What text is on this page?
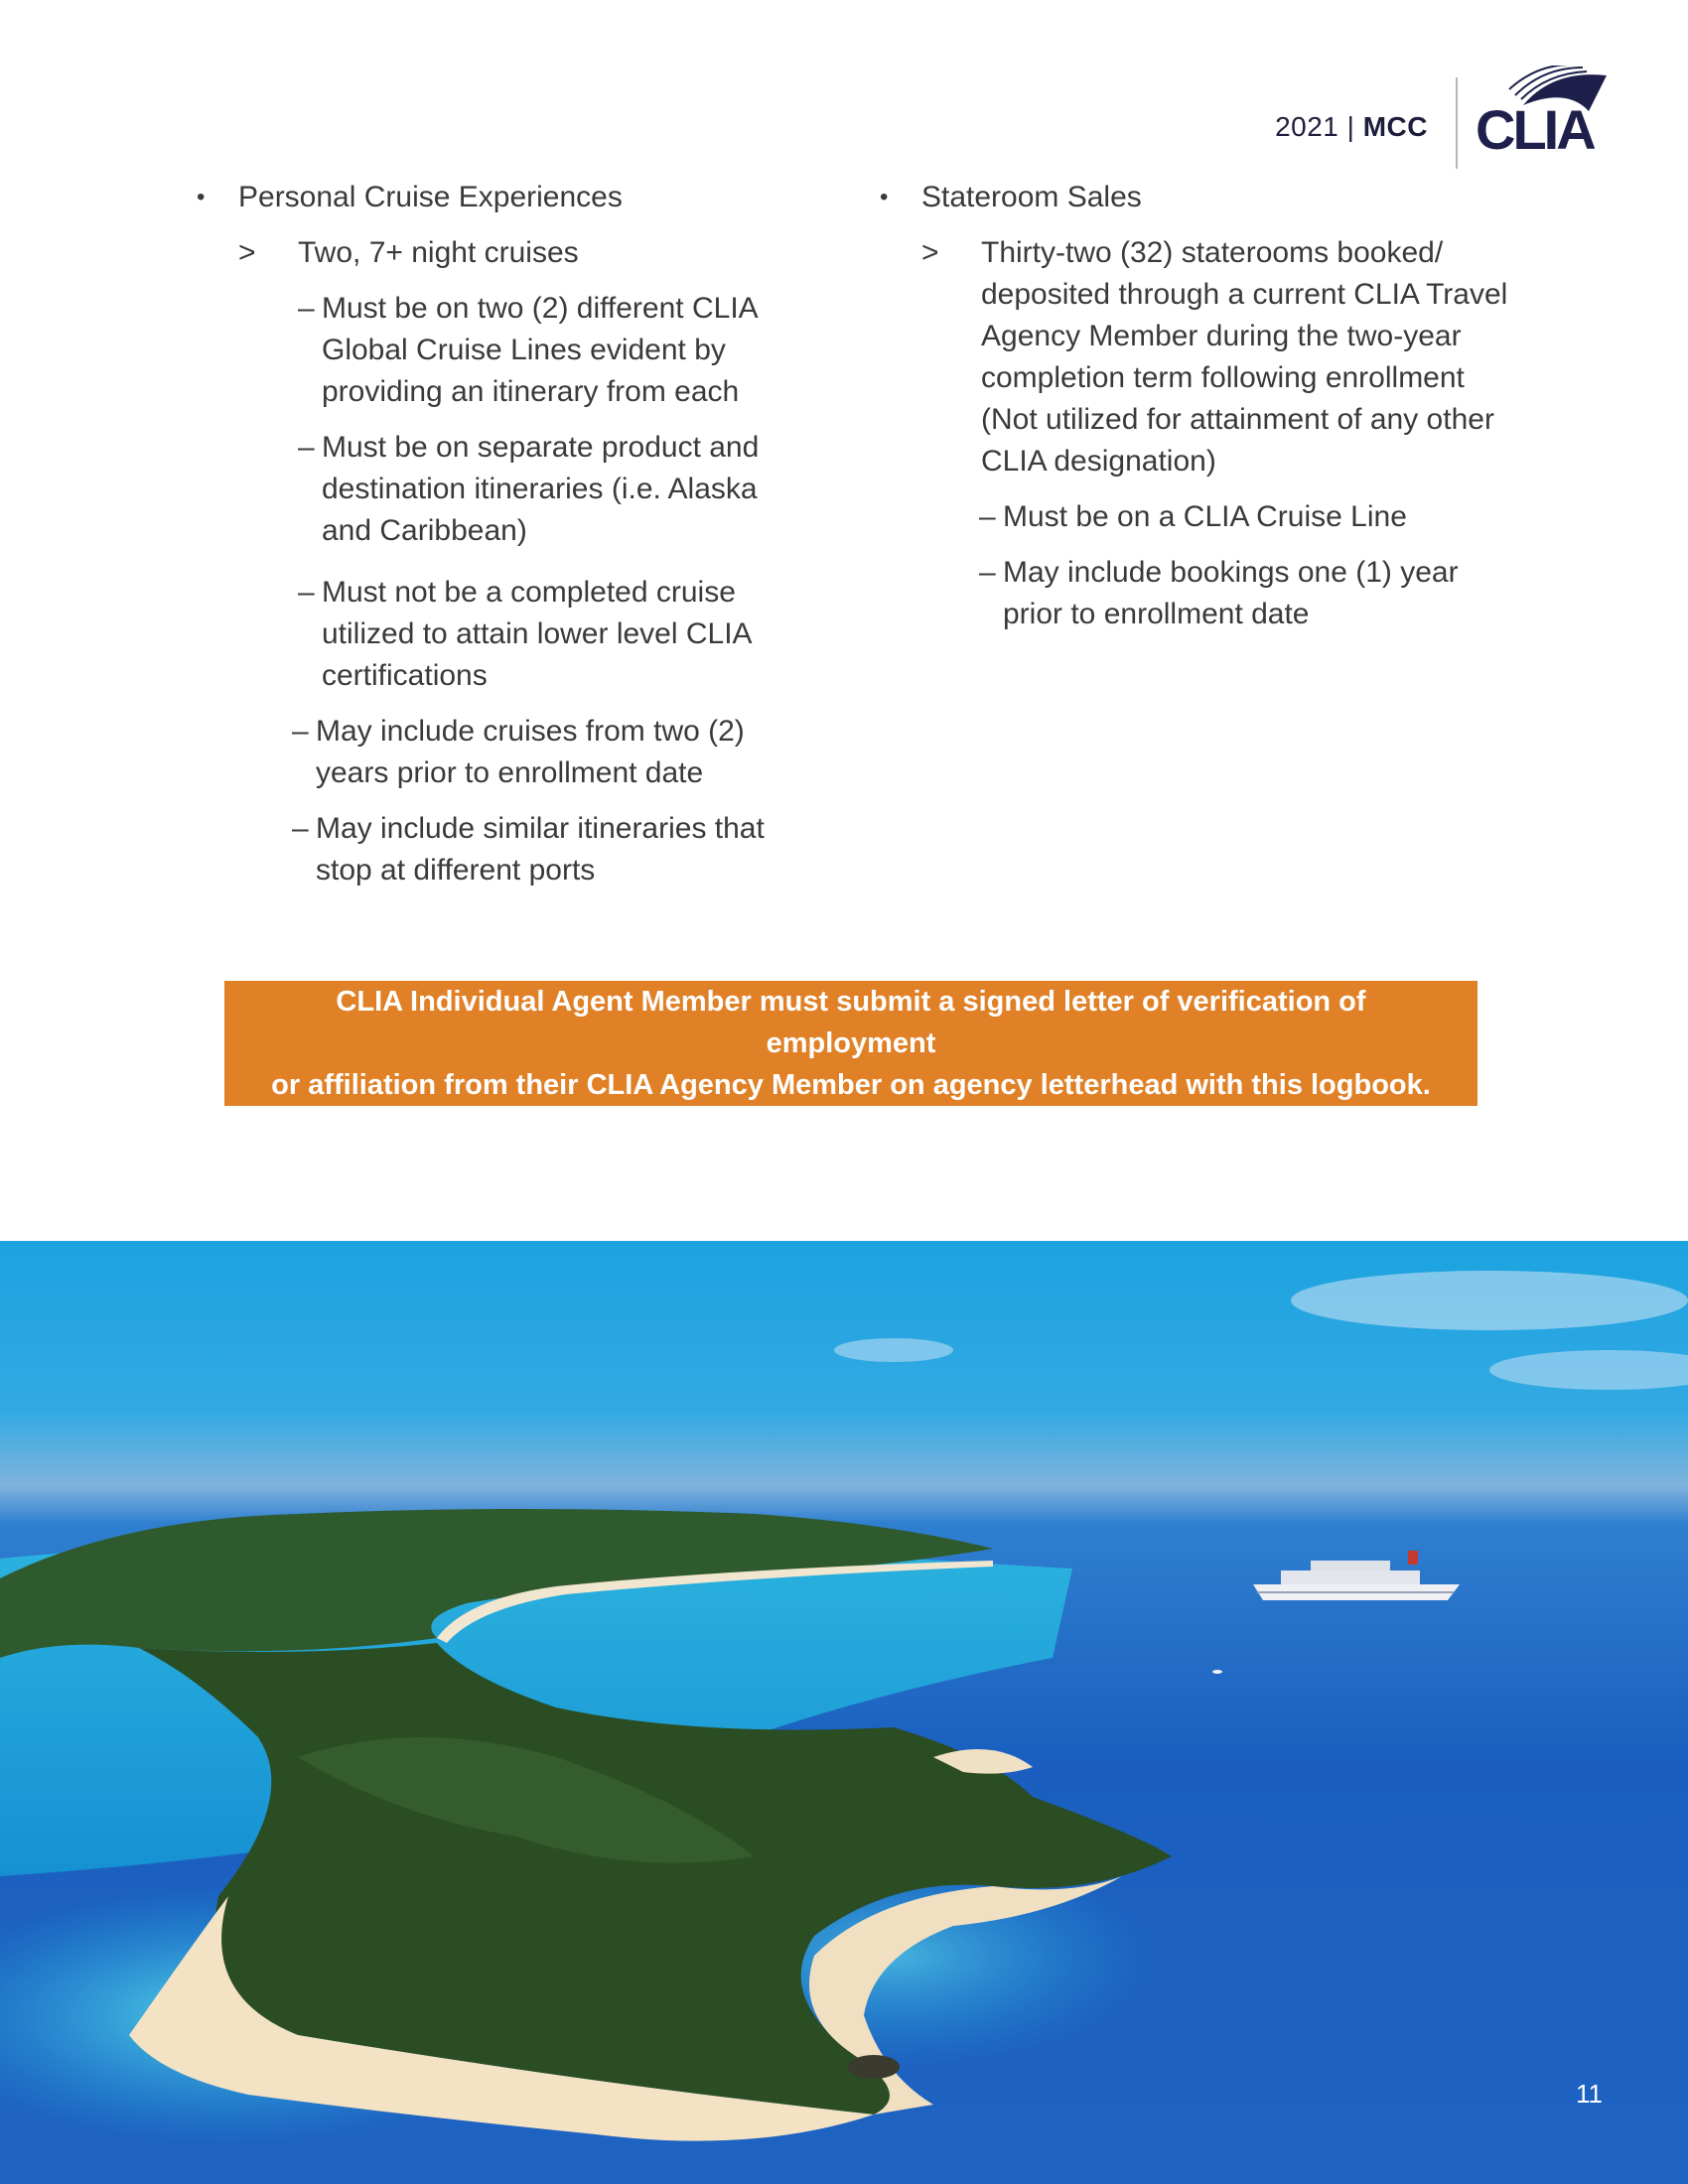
2021 | MCC CLIA
• Personal Cruise Experiences
> Two, 7+ night cruises
– Must be on two (2) different CLIA Global Cruise Lines evident by providing an itinerary from each
– Must be on separate product and destination itineraries (i.e. Alaska and Caribbean)
– Must not be a completed cruise utilized to attain lower level CLIA certifications
– May include cruises from two (2) years prior to enrollment date
– May include similar itineraries that stop at different ports
• Stateroom Sales
> Thirty-two (32) staterooms booked/ deposited through a current CLIA Travel Agency Member during the two-year completion term following enrollment (Not utilized for attainment of any other CLIA designation)
– Must be on a CLIA Cruise Line
– May include bookings one (1) year prior to enrollment date
CLIA Individual Agent Member must submit a signed letter of verification of employment
or affiliation from their CLIA Agency Member on agency letterhead with this logbook.
11
